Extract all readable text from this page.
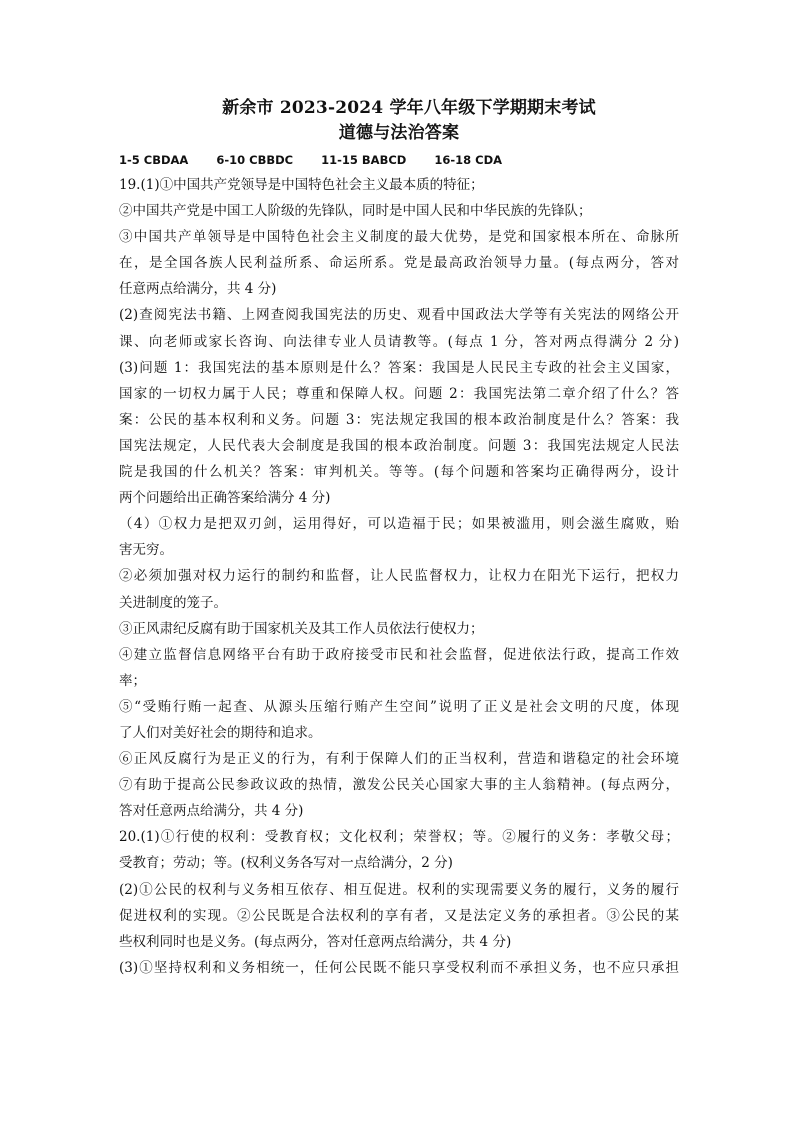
新余市 2023-2024 学年八年级下学期期末考试
道德与法治答案
1-5 CBDAA 6-10 CBBDC 11-15 BABCD 16-18 CDA
19.(1)①中国共产党领导是中国特色社会主义最本质的特征；
②中国共产党是中国工人阶级的先锋队，同时是中国人民和中华民族的先锋队；
③中国共产单领导是中国特色社会主义制度的最大优势，是党和国家根本所在、命脉所
在，是全国各族人民利益所系、命运所系。党是最高政治领导力量。(每点两分，答对
任意两点给满分，共 4 分)
(2)查阅宪法书籍、上网查阅我国宪法的历史、观看中国政法大学等有关宪法的网络公开
课、向老师或家长咨询、向法律专业人员请教等。(每点 1 分，答对两点得满分 2 分)
(3)问题 1：我国宪法的基本原则是什么？答案：我国是人民民主专政的社会主义国家，
国家的一切权力属于人民；尊重和保障人权。问题 2：我国宪法第二章介绍了什么？答
案：公民的基本权利和义务。问题 3：宪法规定我国的根本政治制度是什么？答案：我
国宪法规定，人民代表大会制度是我国的根本政治制度。问题 3：我国宪法规定人民法
院是我国的什么机关？答案：审判机关。等等。(每个问题和答案均正确得两分，设计
两个问题给出正确答案给满分 4 分)
（4）①权力是把双刃剑，运用得好，可以造福于民；如果被滥用，则会滋生腐败，贻
害无穷。
②必须加强对权力运行的制约和监督，让人民监督权力，让权力在阳光下运行，把权力
关进制度的笼子。
③正风肃纪反腐有助于国家机关及其工作人员依法行使权力；
④建立监督信息网络平台有助于政府接受市民和社会监督，促进依法行政，提高工作效
率；
⑤“受贿行贿一起查、从源头压缩行贿产生空间”说明了正义是社会文明的尺度，体现
了人们对美好社会的期待和追求。
⑥正风反腐行为是正义的行为，有利于保障人们的正当权利，营造和谐稳定的社会环境
⑦有助于提高公民参政议政的热情，激发公民关心国家大事的主人翁精神。(每点两分，
答对任意两点给满分，共 4 分)
20.(1)①行使的权利：受教育权；文化权利；荣誉权；等。②履行的义务：孝敬父母；
受教育；劳动；等。(权利义务各写对一点给满分，2 分)
(2)①公民的权利与义务相互依存、相互促进。权利的实现需要义务的履行，义务的履行
促进权利的实现。②公民既是合法权利的享有者，又是法定义务的承担者。③公民的某
些权利同时也是义务。(每点两分，答对任意两点给满分，共 4 分)
(3)①坚持权利和义务相统一，任何公民既不能只享受权利而不承担义务，也不应只承担
